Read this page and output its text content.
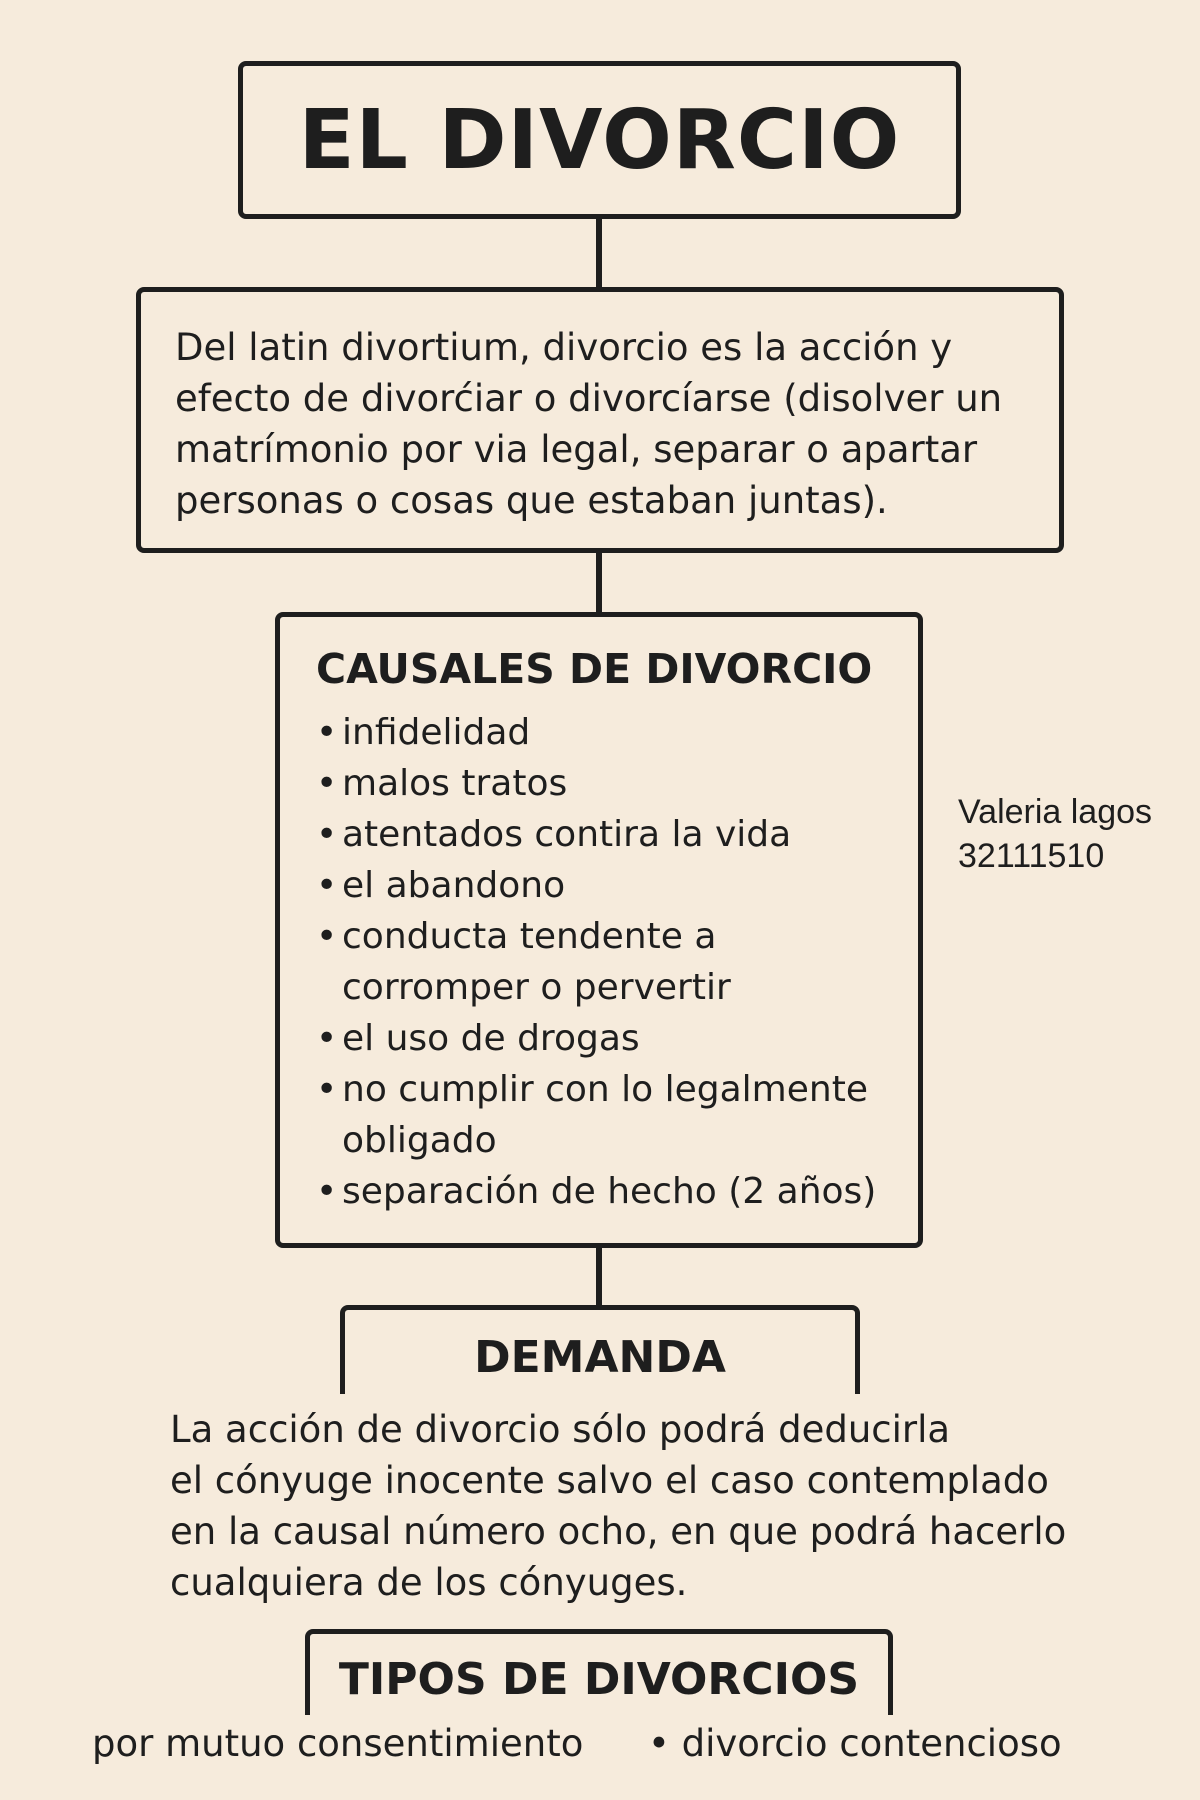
EL DIVORCIO

Del latin divortium, divorcio es la acción y efecto de divorćiar o divorcíarse (disolver un matrímonio por via legal, separar o apartar personas o cosas que estaban juntas).

CAUSALES DE DIVORCIO
• infidelidad
• malos tratos
• atentados contira la vida
• el abandono
• conducta tendente a corromper o pervertir
• el uso de drogas
• no cumplir con lo legalmente obligado
• separación de hecho (2 años)
DEMANDA

La acción de divorcio sólo podrá deducirla
el cónyuge inocente salvo el caso contemplado
en la causal número ocho, en que podrá hacerlo
cualquiera de los cónyuges.

TIPOS DE DIVORCIOS
por mutuo consentimiento
•	divorcio contencioso
Valeria lagos
32111510
